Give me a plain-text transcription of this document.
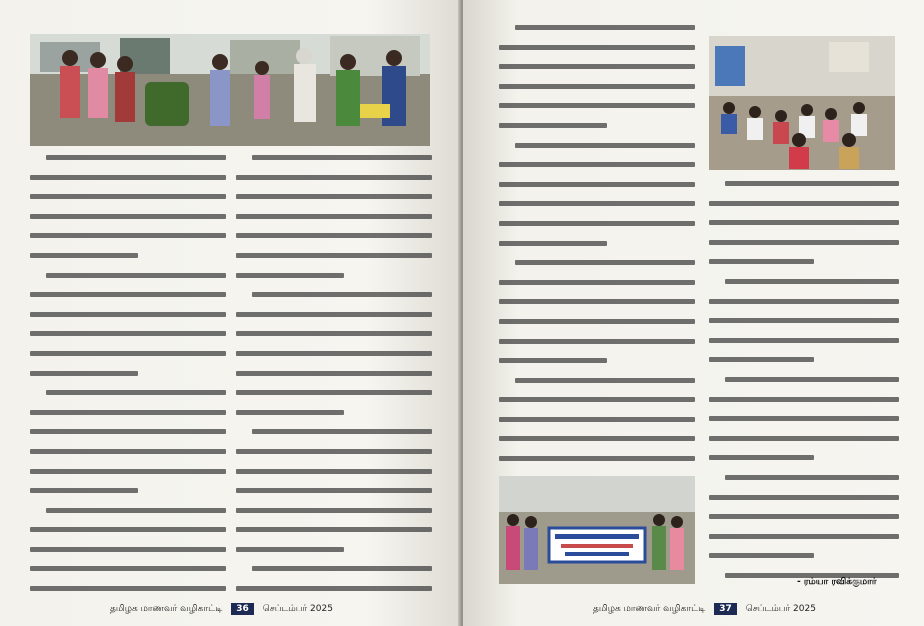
தமிழக மாணவர் வழிகாட்டி 36 செப்டம்பர் 2025
- ரம்யா ரவிக்குமார்
தமிழக மாணவர் வழிகாட்டி 37 செப்டம்பர் 2025
